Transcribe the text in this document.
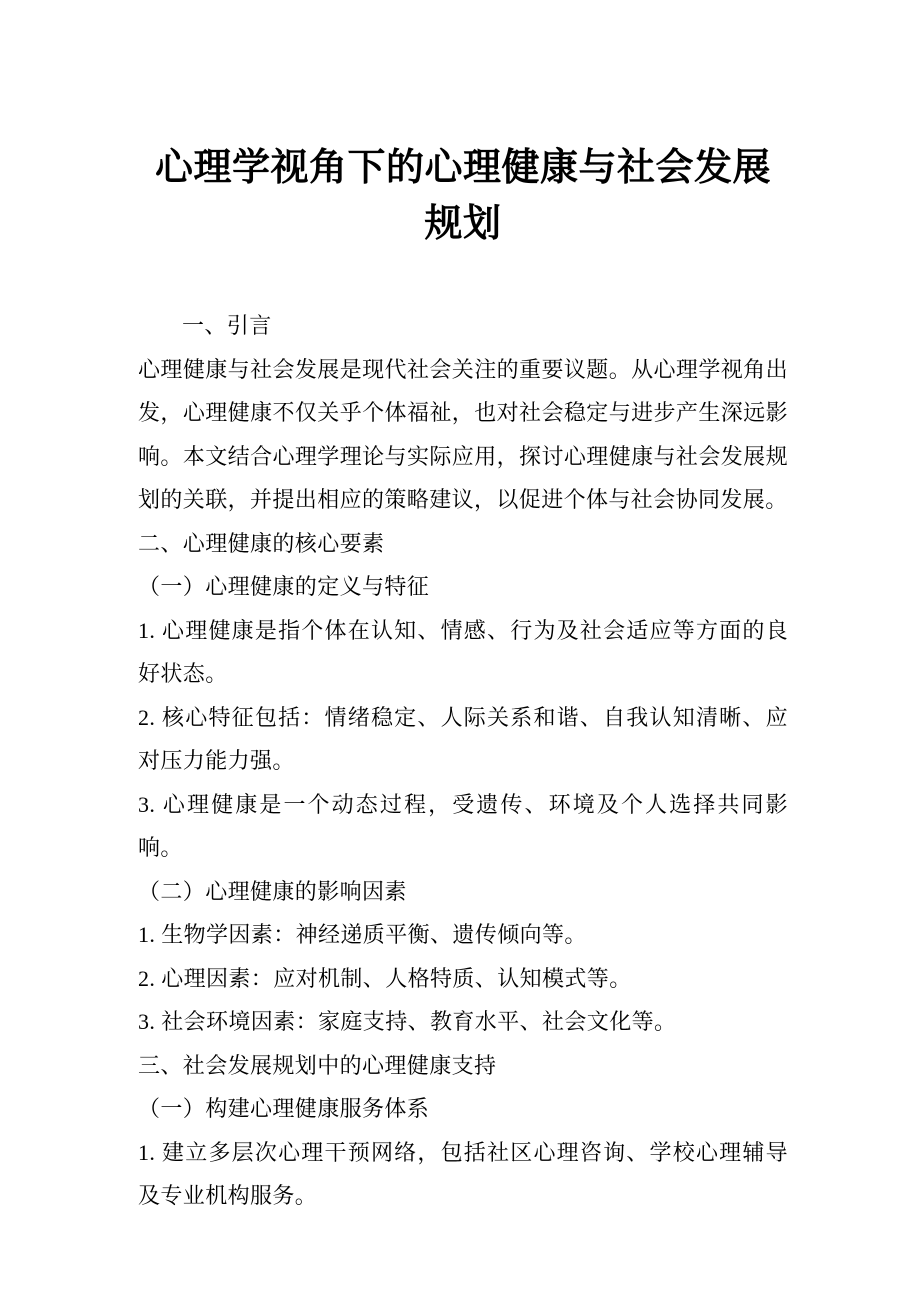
心理学视角下的心理健康与社会发展规划

一、引言

心理健康与社会发展是现代社会关注的重要议题。从心理学视角出发，心理健康不仅关乎个体福祉，也对社会稳定与进步产生深远影响。本文结合心理学理论与实际应用，探讨心理健康与社会发展规划的关联，并提出相应的策略建议，以促进个体与社会协同发展。

二、心理健康的核心要素

（一）心理健康的定义与特征

1. 心理健康是指个体在认知、情感、行为及社会适应等方面的良好状态。

2. 核心特征包括：情绪稳定、人际关系和谐、自我认知清晰、应对压力能力强。

3. 心理健康是一个动态过程，受遗传、环境及个人选择共同影响。

（二）心理健康的影响因素

1. 生物学因素：神经递质平衡、遗传倾向等。

2. 心理因素：应对机制、人格特质、认知模式等。

3. 社会环境因素：家庭支持、教育水平、社会文化等。

三、社会发展规划中的心理健康支持

（一）构建心理健康服务体系

1. 建立多层次心理干预网络，包括社区心理咨询、学校心理辅导及专业机构服务。
